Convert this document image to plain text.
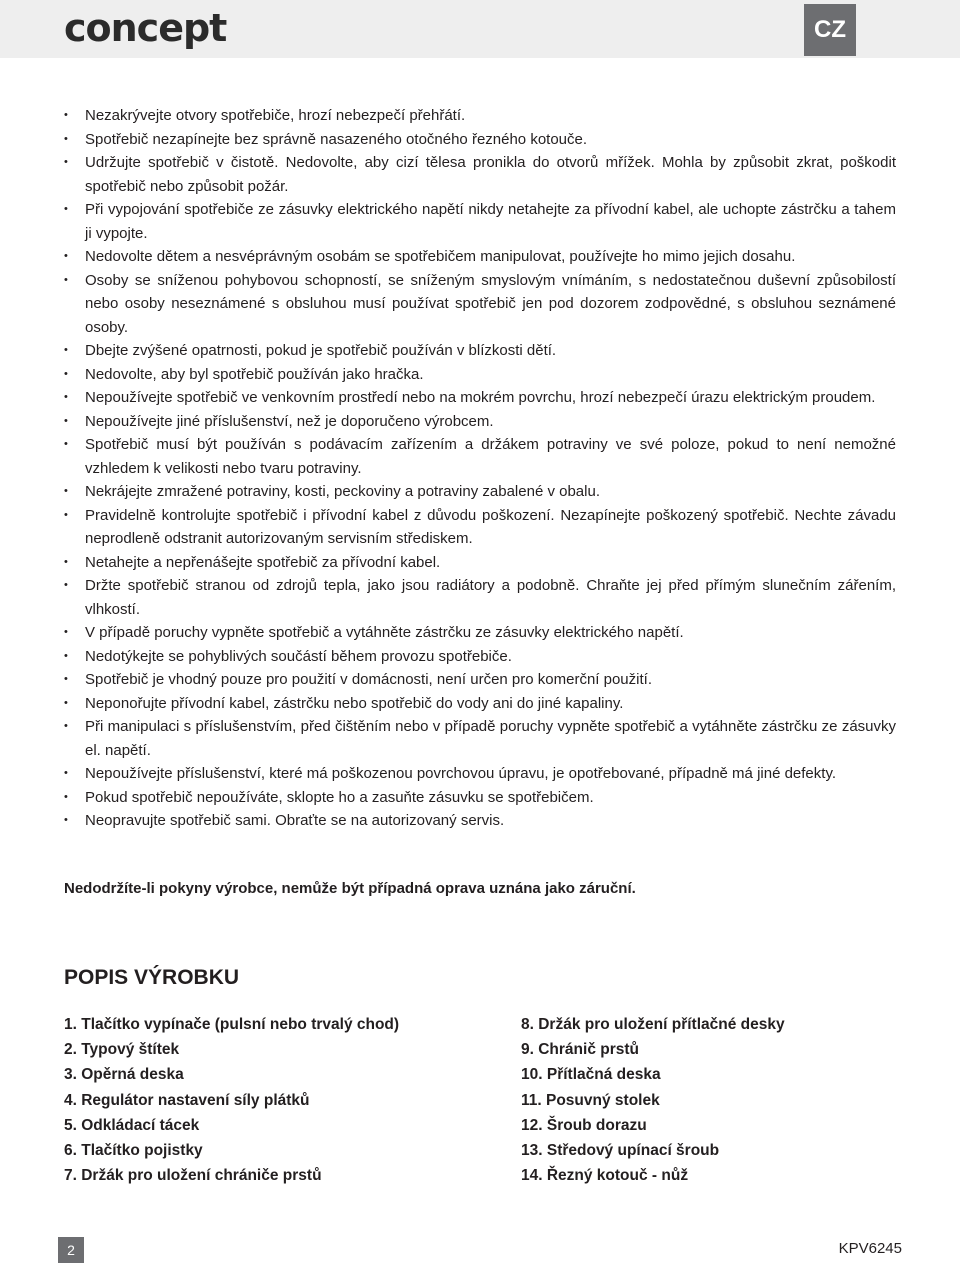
concept	CZ
• Nezakrývejte otvory spotřebiče, hrozí nebezpečí přehřátí.
• Spotřebič nezapínejte bez správně nasazeného otočného řezného kotouče.
• Udržujte spotřebič v čistotě. Nedovolte, aby cizí tělesa pronikla do otvorů mřížek. Mohla by způsobit zkrat, poškodit spotřebič nebo způsobit požár.
• Při vypojování spotřebiče ze zásuvky elektrického napětí nikdy netahejte za přívodní kabel, ale uchopte zástrčku a tahem ji vypojte.
• Nedovolte dětem a nesvéprávným osobám se spotřebičem manipulovat, používejte ho mimo jejich dosahu.
• Osoby se sníženou pohybovou schopností, se sníženým smyslovým vnímáním, s nedostatečnou duševní způsobilostí nebo osoby neseznámené s obsluhou musí používat spotřebič jen pod dozorem zodpovědné, s obsluhou seznámené osoby.
• Dbejte zvýšené opatrnosti, pokud je spotřebič používán v blízkosti dětí.
• Nedovolte, aby byl spotřebič používán jako hračka.
• Nepoužívejte spotřebič ve venkovním prostředí nebo na mokrém povrchu, hrozí nebezpečí úrazu elektrickým proudem.
• Nepoužívejte jiné příslušenství, než je doporučeno výrobcem.
• Spotřebič musí být používán s podávacím zařízením a držákem potraviny ve své poloze, pokud to není nemožné vzhledem k velikosti nebo tvaru potraviny.
• Nekrájejte zmražené potraviny, kosti, peckoviny a potraviny zabalené v obalu.
• Pravidelně kontrolujte spotřebič i přívodní kabel z důvodu poškození. Nezapínejte poškozený spotřebič. Nechte závadu neprodleně odstranit autorizovaným servisním střediskem.
• Netahejte a nepřenášejte spotřebič za přívodní kabel.
• Držte spotřebič stranou od zdrojů tepla, jako jsou radiátory a podobně. Chraňte jej před přímým slunečním zářením, vlhkostí.
• V případě poruchy vypněte spotřebič a vytáhněte zástrčku ze zásuvky elektrického napětí.
• Nedotýkejte se pohyblivých součástí během provozu spotřebiče.
• Spotřebič je vhodný pouze pro použití v domácnosti, není určen pro komerční použití.
• Neponořujte přívodní kabel, zástrčku nebo spotřebič do vody ani do jiné kapaliny.
• Při manipulaci s příslušenstvím, před čištěním nebo v případě poruchy vypněte spotřebič a vytáhněte zástrčku ze zásuvky el. napětí.
• Nepoužívejte příslušenství, které má poškozenou povrchovou úpravu, je opotřebované, případně má jiné defekty.
• Pokud spotřebič nepoužíváte, sklopte ho a zasuňte zásuvku se spotřebičem.
• Neopravujte spotřebič sami. Obraťte se na autorizovaný servis.
Nedodržíte-li pokyny výrobce, nemůže být případná oprava uznána jako záruční.
POPIS VÝROBKU
1. Tlačítko vypínače (pulsní nebo trvalý chod)
2. Typový štítek
3. Opěrná deska
4. Regulátor nastavení síly plátků
5. Odkládací tácek
6. Tlačítko pojistky
7. Držák pro uložení chrániče prstů
8. Držák pro uložení přítlačné desky
9. Chránič prstů
10. Přítlačná deska
11. Posuvný stolek
12. Šroub dorazu
13. Středový upínací šroub
14. Řezný kotouč - nůž
2	KPV6245
